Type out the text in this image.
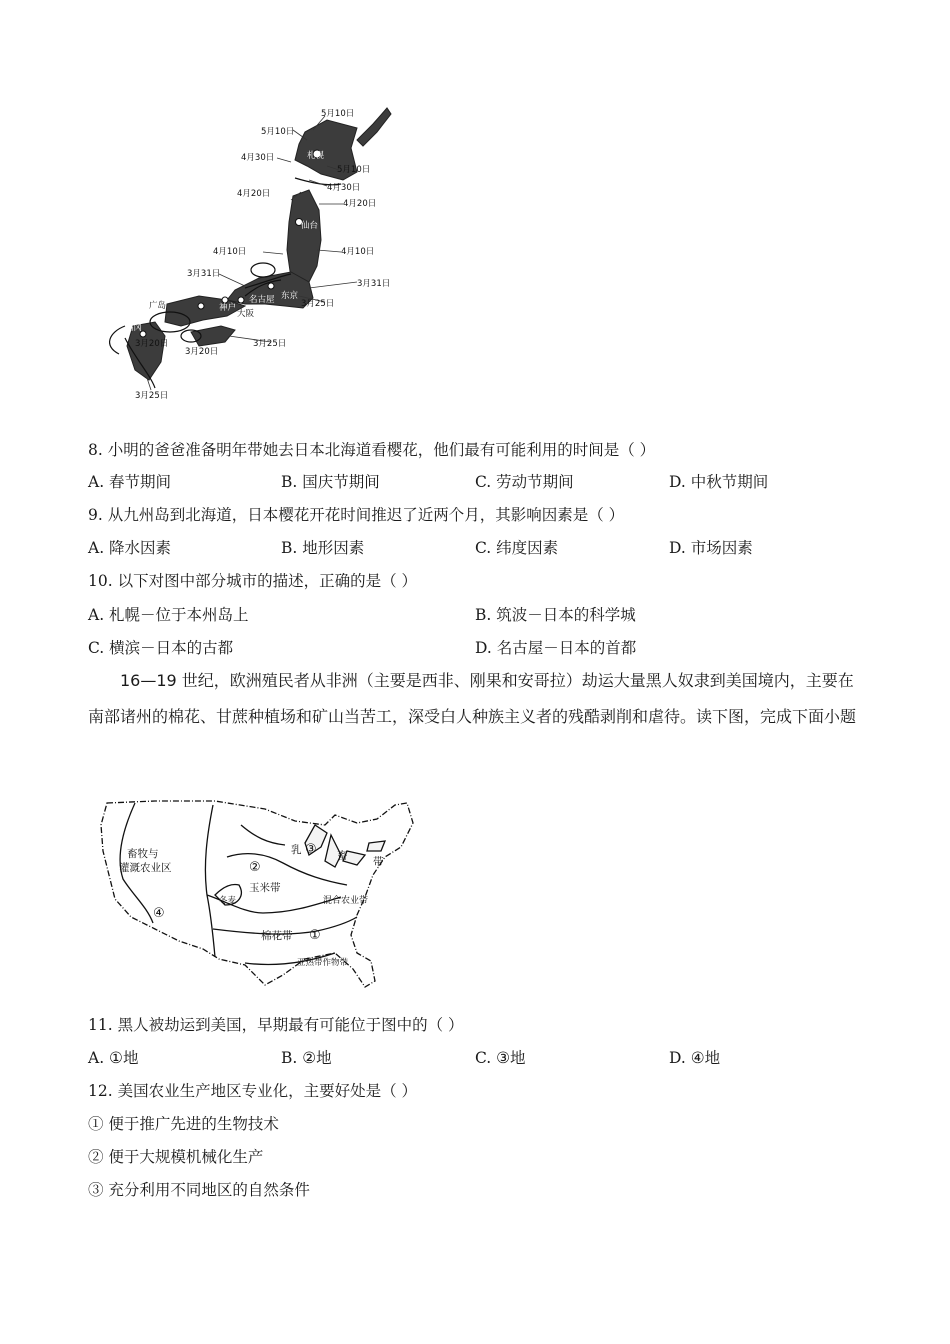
5月10日
5月10日
4月30日	札幌
5月10日
4月30日
4月20日
4月20日
仙台
4月10日	4月10日
3月31日
3月31日
广岛	神户
名古屋 东京
3月25日
大阪
福冈
3月20日	3月25日
3月20日
3月25日
8. 小明的爸爸准备明年带她去日本北海道看樱花，他们最有可能利用的时间是（ ）
A. 春节期间	B. 国庆节期间	C. 劳动节期间	D. 中秋节期间
9. 从九州岛到北海道，日本樱花开花时间推迟了近两个月，其影响因素是（ ）
A. 降水因素	B. 地形因素	C. 纬度因素	D. 市场因素
10. 以下对图中部分城市的描述，正确的是（ ）
A. 札幌－位于本州岛上	B. 筑波－日本的科学城
C. 横滨－日本的古都	D. 名古屋－日本的首都
16—19 世纪，欧洲殖民者从非洲（主要是西非、刚果和安哥拉）劫运大量黑人奴隶到美国境内，主要在南部诸州的棉花、甘蔗种植场和矿山当苦工，深受白人种族主义者的残酷剥削和虐待。读下图，完成下面小题
畜牧与
灌溉农业区
乳	畜 带
玉米带
冬麦	混合农业带
棉花带
亚热带作物带
①
②
③
④
11. 黑人被劫运到美国，早期最有可能位于图中的（ ）
A. ①地	B. ②地	C. ③地	D. ④地
12. 美国农业生产地区专业化，主要好处是（ ）
① 便于推广先进的生物技术
② 便于大规模机械化生产
③ 充分利用不同地区的自然条件
